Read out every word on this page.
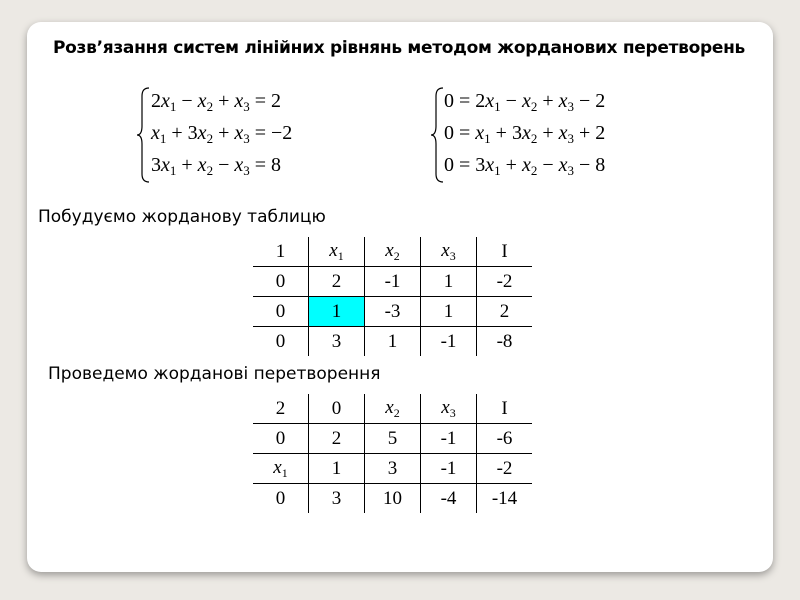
Розв’язання систем лінійних рівнянь методом жорданових перетворень
$2x_1 - x_2 + x_3 = 2$
$x_1 + 3x_2 + x_3 = -2$
$3x_1 + x_2 - x_3 = 8$
$0 = 2x_1 - x_2 + x_3 - 2$
$0 = x_1 + 3x_2 + x_3 + 2$
$0 = 3x_1 + x_2 - x_3 - 8$
Побудуємо жорданову таблицю
1	$x_1$	$x_2$	$x_3$	I
0	2	-1	1	-2
0	1	-3	1	2
0	3	1	-1	-8
Проведемо жорданові перетворення
2	0	$x_2$	$x_3$	I
0	2	5	-1	-6
$x_1$	1	3	-1	-2
0	3	10	-4	-14
